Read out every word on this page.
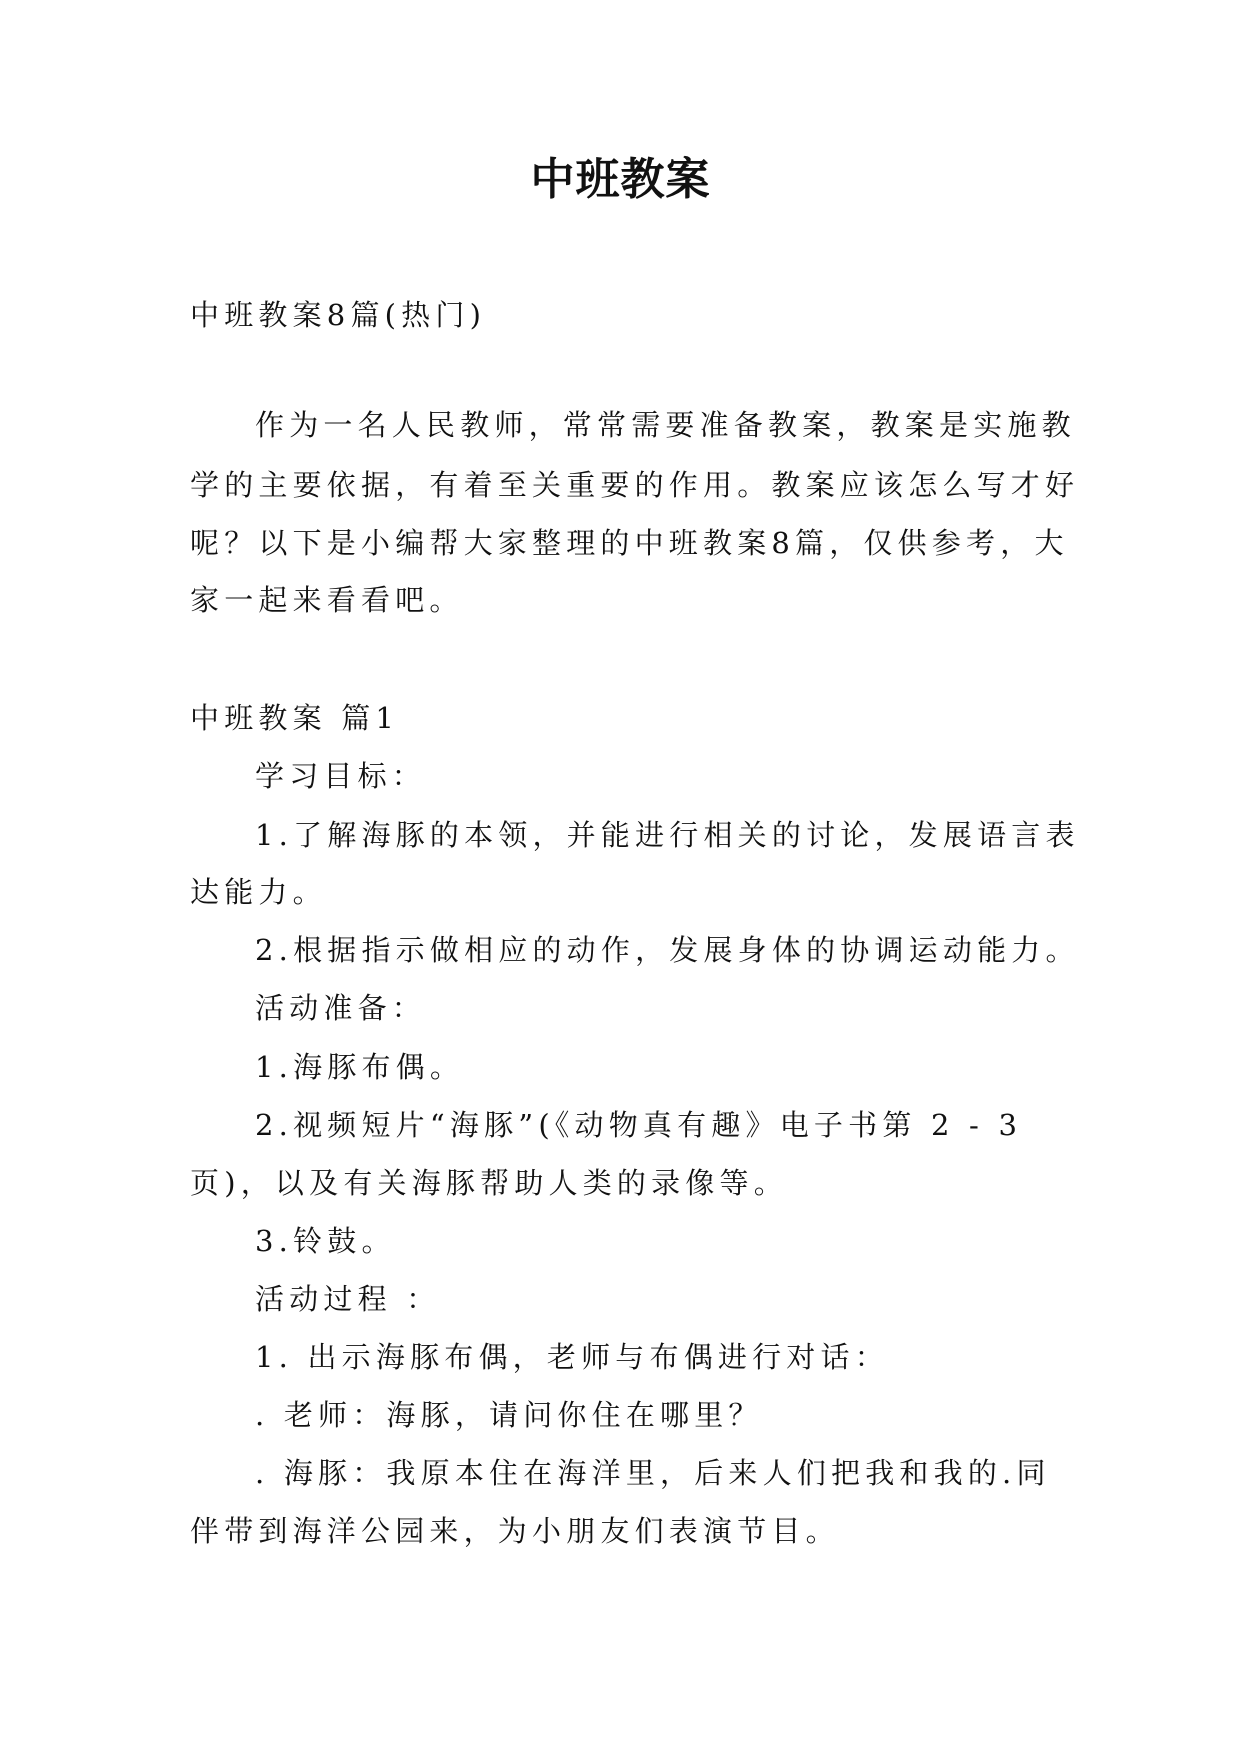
中班教案

中班教案8篇(热门)

作为一名人民教师，常常需要准备教案，教案是实施教

学的主要依据，有着至关重要的作用。教案应该怎么写才好

呢？以下是小编帮大家整理的中班教案8篇，仅供参考，大

家一起来看看吧。

中班教案 篇1

学习目标：

1.了解海豚的本领，并能进行相关的讨论，发展语言表

达能力。

2.根据指示做相应的动作，发展身体的协调运动能力。

活动准备：

1.海豚布偶。

2.视频短片“海豚”(《动物真有趣》电子书第 2 - 3

页)，以及有关海豚帮助人类的录像等。

3.铃鼓。

活动过程 ：

1. 出示海豚布偶，老师与布偶进行对话：

. 老师：海豚，请问你住在哪里？

. 海豚：我原本住在海洋里，后来人们把我和我的.同

伴带到海洋公园来，为小朋友们表演节目。
